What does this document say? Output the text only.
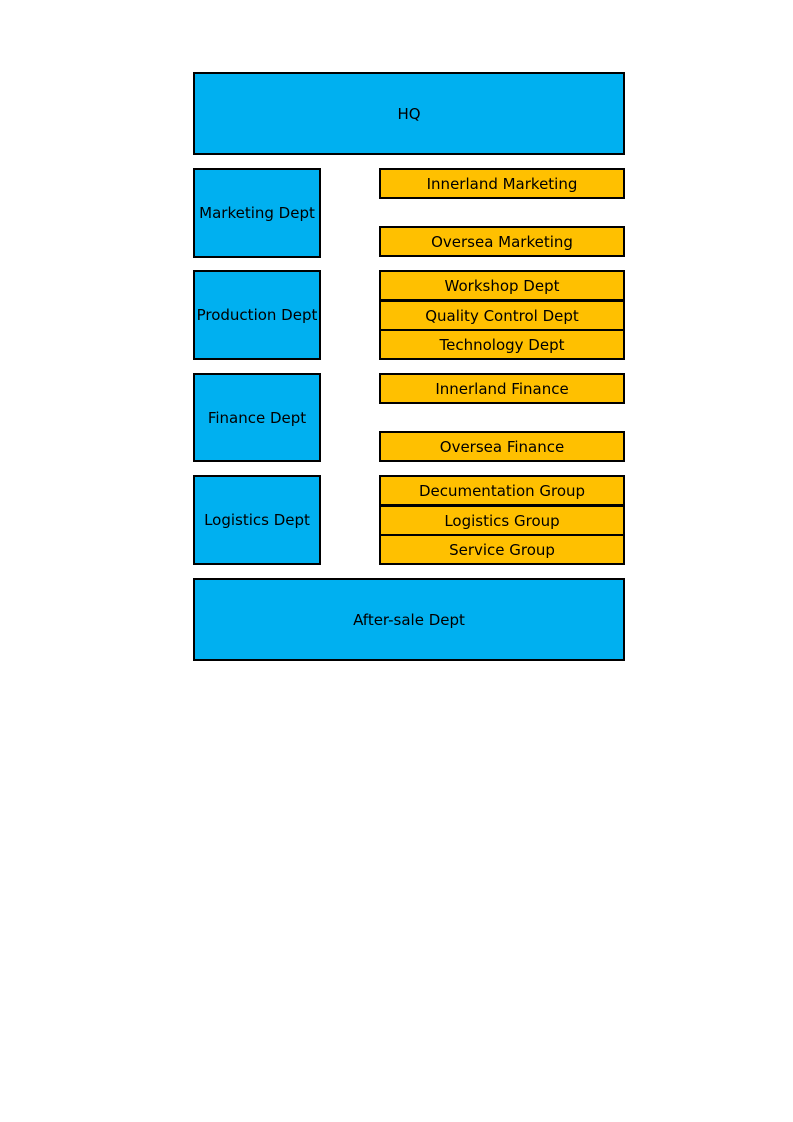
HQ
Marketing Dept
Innerland Marketing
Oversea Marketing
Production Dept
Workshop Dept
Quality Control Dept
Technology Dept
Finance Dept
Innerland Finance
Oversea Finance
Logistics Dept
Decumentation Group
Logistics Group
Service Group
After-sale Dept
